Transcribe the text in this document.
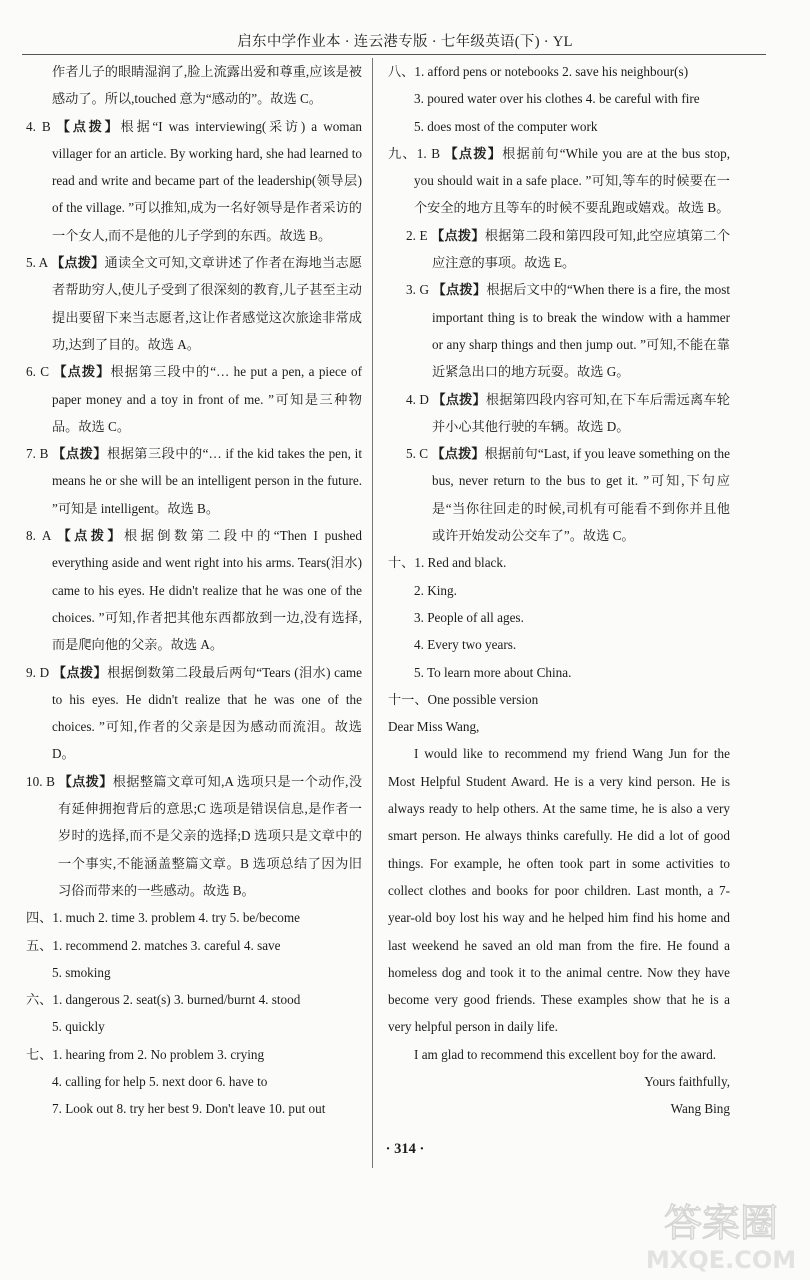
启东中学作业本 · 连云港专版 · 七年级英语(下) · YL
作者儿子的眼睛湿润了,脸上流露出爱和尊重,应该是被感动了。所以,touched 意为“感动的”。故选 C。
4. B 【点拨】根据“I was interviewing(采访) a woman villager for an article. By working hard, she had learned to read and write and became part of the leadership(领导层) of the village. ”可以推知,成为一名好领导是作者采访的一个女人,而不是他的儿子学到的东西。故选 B。
5. A 【点拨】通读全文可知,文章讲述了作者在海地当志愿者帮助穷人,使儿子受到了很深刻的教育,儿子甚至主动提出要留下来当志愿者,这让作者感觉这次旅途非常成功,达到了目的。故选 A。
6. C 【点拨】根据第三段中的“… he put a pen, a piece of paper money and a toy in front of me. ”可知是三种物品。故选 C。
7. B 【点拨】根据第三段中的“… if the kid takes the pen, it means he or she will be an intelligent person in the future. ”可知是 intelligent。故选 B。
8. A 【点拨】根据倒数第二段中的“Then I pushed everything aside and went right into his arms. Tears(泪水) came to his eyes. He didn't realize that he was one of the choices. ”可知,作者把其他东西都放到一边,没有选择,而是爬向他的父亲。故选 A。
9. D 【点拨】根据倒数第二段最后两句“Tears (泪水) came to his eyes. He didn't realize that he was one of the choices. ”可知,作者的父亲是因为感动而流泪。故选 D。
10. B 【点拨】根据整篇文章可知,A 选项只是一个动作,没有延伸拥抱背后的意思;C 选项是错误信息,是作者一岁时的选择,而不是父亲的选择;D 选项只是文章中的一个事实,不能涵盖整篇文章。B 选项总结了因为旧习俗而带来的一些感动。故选 B。
四、1. much 2. time 3. problem 4. try 5. be/become
五、1. recommend 2. matches 3. careful 4. save
5. smoking
六、1. dangerous 2. seat(s) 3. burned/burnt 4. stood
5. quickly
七、1. hearing from 2. No problem 3. crying
4. calling for help 5. next door 6. have to
7. Look out 8. try her best 9. Don't leave 10. put out
八、1. afford pens or notebooks 2. save his neighbour(s)
3. poured water over his clothes 4. be careful with fire
5. does most of the computer work
九、1. B 【点拨】根据前句“While you are at the bus stop, you should wait in a safe place. ”可知,等车的时候要在一个安全的地方且等车的时候不要乱跑或嬉戏。故选 B。
2. E 【点拨】根据第二段和第四段可知,此空应填第二个应注意的事项。故选 E。
3. G 【点拨】根据后文中的“When there is a fire, the most important thing is to break the window with a hammer or any sharp things and then jump out. ”可知,不能在靠近紧急出口的地方玩耍。故选 G。
4. D 【点拨】根据第四段内容可知,在下车后需远离车轮并小心其他行驶的车辆。故选 D。
5. C 【点拨】根据前句“Last, if you leave something on the bus, never return to the bus to get it. ”可知,下句应是“当你往回走的时候,司机有可能看不到你并且他或许开始发动公交车了”。故选 C。
十、1. Red and black.
2. King.
3. People of all ages.
4. Every two years.
5. To learn more about China.
十一、One possible version
Dear Miss Wang,
I would like to recommend my friend Wang Jun for the Most Helpful Student Award. He is a very kind person. He is always ready to help others. At the same time, he is also a very smart person. He always thinks carefully. He did a lot of good things. For example, he often took part in some activities to collect clothes and books for poor children. Last month, a 7-year-old boy lost his way and he helped him find his home and last weekend he saved an old man from the fire. He found a homeless dog and took it to the animal centre. Now they have become very good friends. These examples show that he is a very helpful person in daily life.
I am glad to recommend this excellent boy for the award.
Yours faithfully,
Wang Bing
· 314 ·
答案圈
MXQE.COM
